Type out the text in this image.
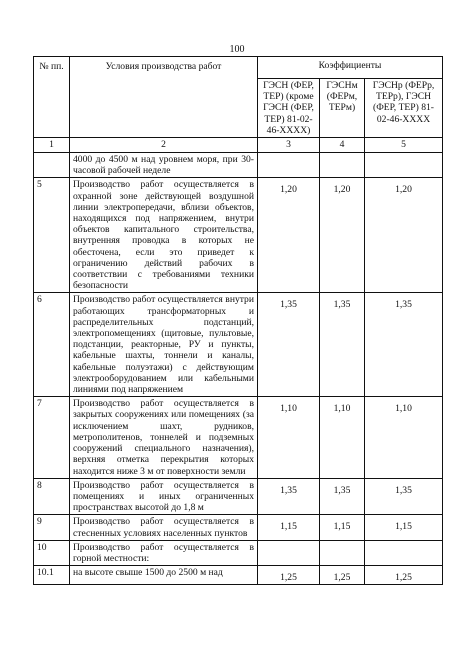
100
№ пп.	Условия производства работ	Коэффициенты		
		ГЭСН (ФЕР, ТЕР) (кроме ГЭСН (ФЕР, ТЕР) 81-02-46-ХХХХ)	ГЭСНм (ФЕРм, ТЕРм)	ГЭСНр (ФЕРр, ТЕРр), ГЭСН (ФЕР, ТЕР) 81-02-46-ХХХХ
1	2	3	4	5
	4000 до 4500 м над уровнем моря, при 30-часовой рабочей неделе			
5	Производство работ осуществляется в охранной зоне действующей воздушной линии электропередачи, вблизи объектов, находящихся под напряжением, внутри объектов капитального строительства, внутренняя проводка в которых не обесточена, если это приведет к ограничению действий рабочих в соответствии с требованиями техники безопасности	1,20	1,20	1,20
6	Производство работ осуществляется внутри работающих трансформаторных и распределительных подстанций, электропомещениях (щитовые, пультовые, подстанции, реакторные, РУ и пункты, кабельные шахты, тоннели и каналы, кабельные полуэтажи) с действующим электрооборудованием или кабельными линиями под напряжением	1,35	1,35	1,35
7	Производство работ осуществляется в закрытых сооружениях или помещениях (за исключением шахт, рудников, метрополитенов, тоннелей и подземных сооружений специального назначения), верхняя отметка перекрытия которых находится ниже 3 м от поверхности земли	1,10	1,10	1,10
8	Производство работ осуществляется в помещениях и иных ограниченных пространствах высотой до 1,8 м	1,35	1,35	1,35
9	Производство работ осуществляется в стесненных условиях населенных пунктов	1,15	1,15	1,15
10	Производство работ осуществляется в горной местности:			
10.1	на высоте свыше 1500 до 2500 м над	1,25	1,25	1,25
